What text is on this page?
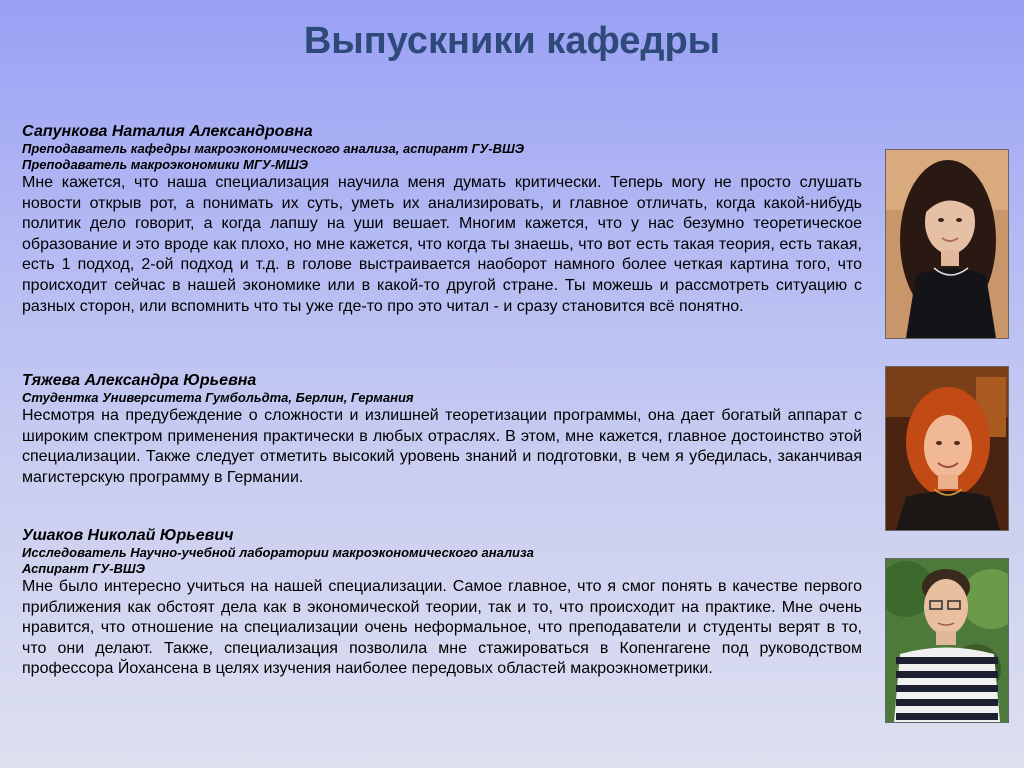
Выпускники кафедры
Сапункова Наталия Александровна
Преподаватель кафедры макроэкономического анализа, аспирант ГУ-ВШЭ
Преподаватель макроэкономики МГУ-МШЭ

Мне кажется, что наша специализация научила меня думать критически. Теперь могу не просто слушать новости открыв рот, а понимать их суть, уметь их анализировать, и главное отличать, когда какой-нибудь политик дело говорит, а когда лапшу на уши вешает. Многим кажется, что у нас безумно теоретическое образование и это вроде как плохо, но мне кажется, что когда ты знаешь, что вот есть такая теория, есть такая, есть 1 подход, 2-ой подход и т.д. в голове выстраивается наоборот намного более четкая картина того, что происходит сейчас в нашей экономике или в какой-то другой стране. Ты можешь и рассмотреть ситуацию с разных сторон, или вспомнить что ты уже где-то про это читал - и сразу становится всё понятно.

Тяжева Александра Юрьевна
Студентка Университета Гумбольдта, Берлин, Германия

Несмотря на предубеждение о сложности и излишней теоретизации программы, она дает богатый аппарат с широким спектром применения практически в любых отраслях. В этом, мне кажется, главное достоинство этой специализации. Также следует отметить высокий уровень знаний и подготовки, в чем я убедилась, заканчивая магистерскую программу в Германии.

Ушаков Николай Юрьевич
Исследователь Научно-учебной лаборатории макроэкономического анализа
Аспирант ГУ-ВШЭ

Мне было интересно учиться на нашей специализации. Самое главное, что я смог понять в качестве первого приближения как обстоят дела как в экономической теории, так и то, что происходит на практике. Мне очень нравится, что отношение на специализации очень неформальное, что преподаватели и студенты верят в то, что они делают. Также, специализация позволила мне стажироваться в Копенгагене под руководством профессора Йохансена в целях изучения наиболее передовых областей макроэкнометрики.
